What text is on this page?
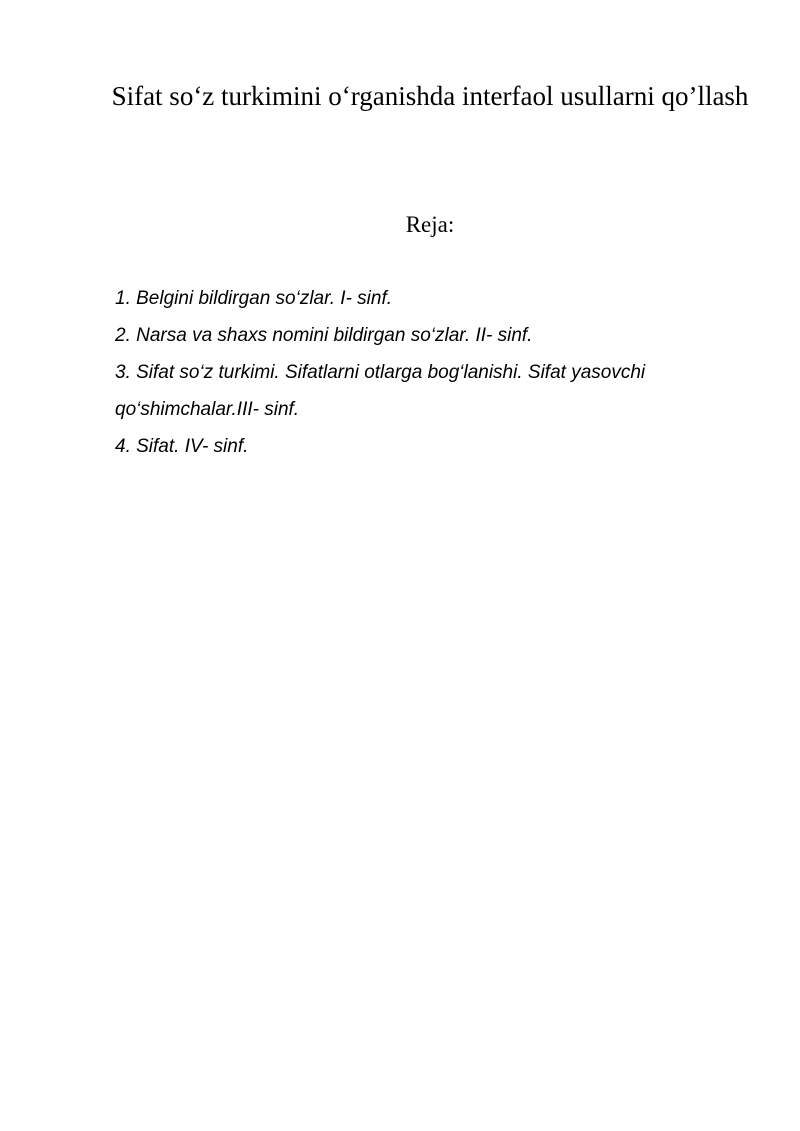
Sifat so‘z turkimini o‘rganishda interfaol usullarni qo’llash
Reja:
1. Belgini bildirgan so‘zlar. I- sinf.
2. Narsa va shaxs nomini bildirgan so‘zlar. II- sinf.
3. Sifat so‘z turkimi. Sifatlarni otlarga bog‘lanishi. Sifat yasovchi qo‘shimchalar.III- sinf.
4. Sifat. IV- sinf.
